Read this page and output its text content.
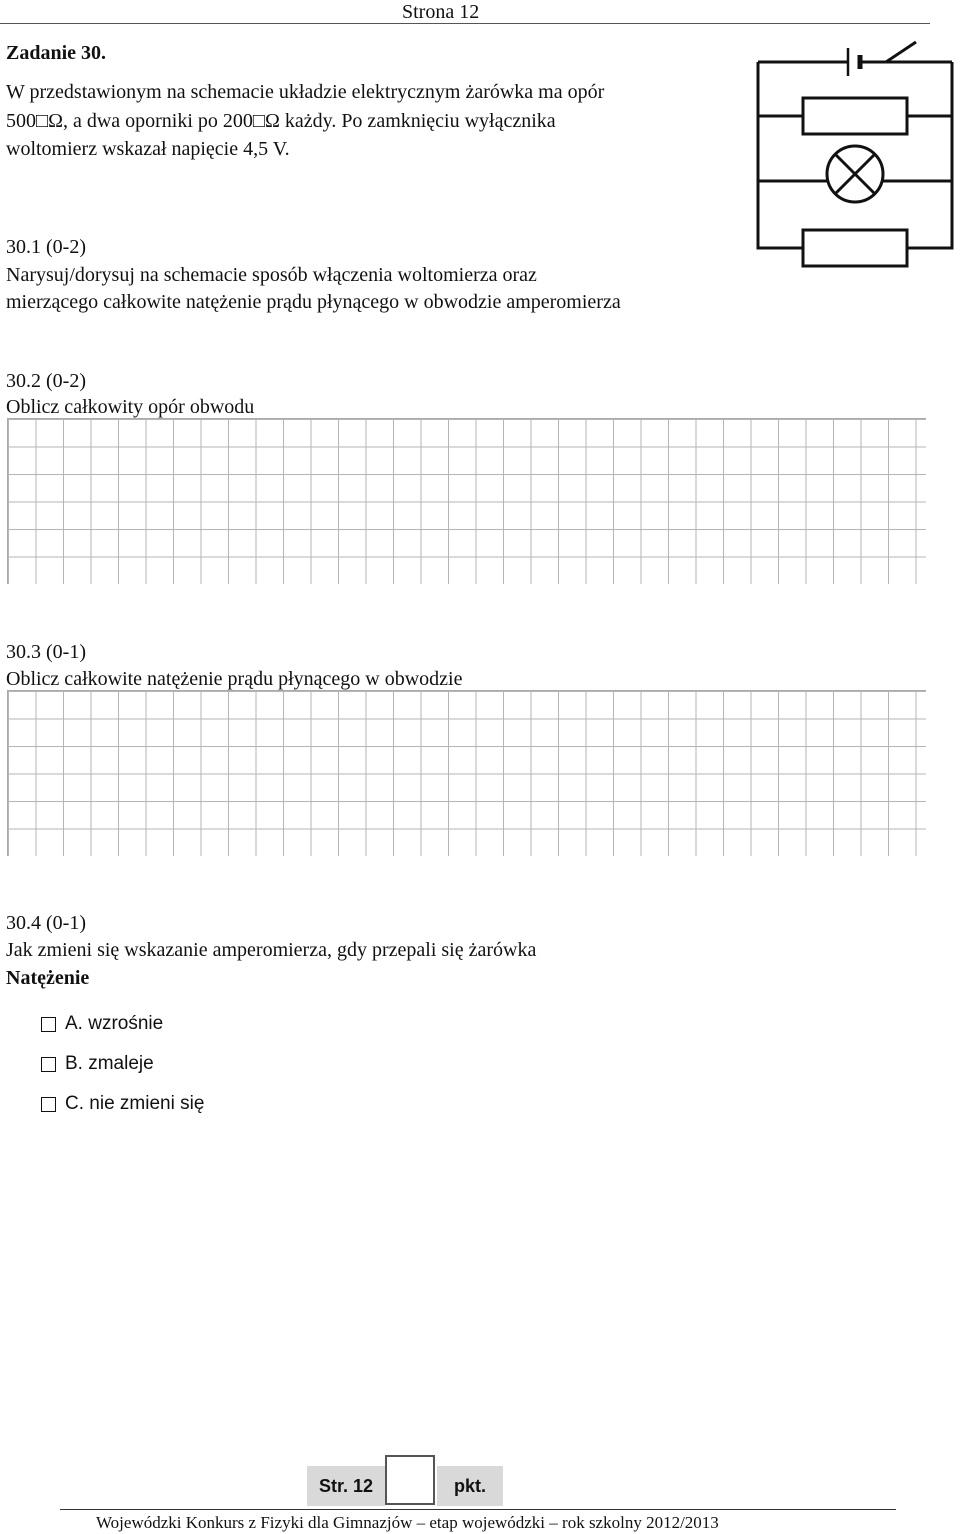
Strona 12
Zadanie 30.
W przedstawionym na schemacie układzie elektrycznym żarówka ma opór
500□Ω, a dwa oporniki po 200□Ω każdy. Po zamknięciu wyłącznika
woltomierz wskazał napięcie 4,5 V.
30.1 (0-2)
Narysuj/dorysuj na schemacie sposób włączenia woltomierza oraz
mierzącego całkowite natężenie prądu płynącego w obwodzie amperomierza
30.2 (0-2)
Oblicz całkowity opór obwodu
30.3 (0-1)
Oblicz całkowite natężenie prądu płynącego w obwodzie
30.4 (0-1)
Jak zmieni się wskazanie amperomierza, gdy przepali się żarówka
Natężenie
A. wzrośnie
B. zmaleje
C. nie zmieni się
Str. 12	pkt.
Wojewódzki Konkurs z Fizyki dla Gimnazjów – etap wojewódzki – rok szkolny 2012/2013
